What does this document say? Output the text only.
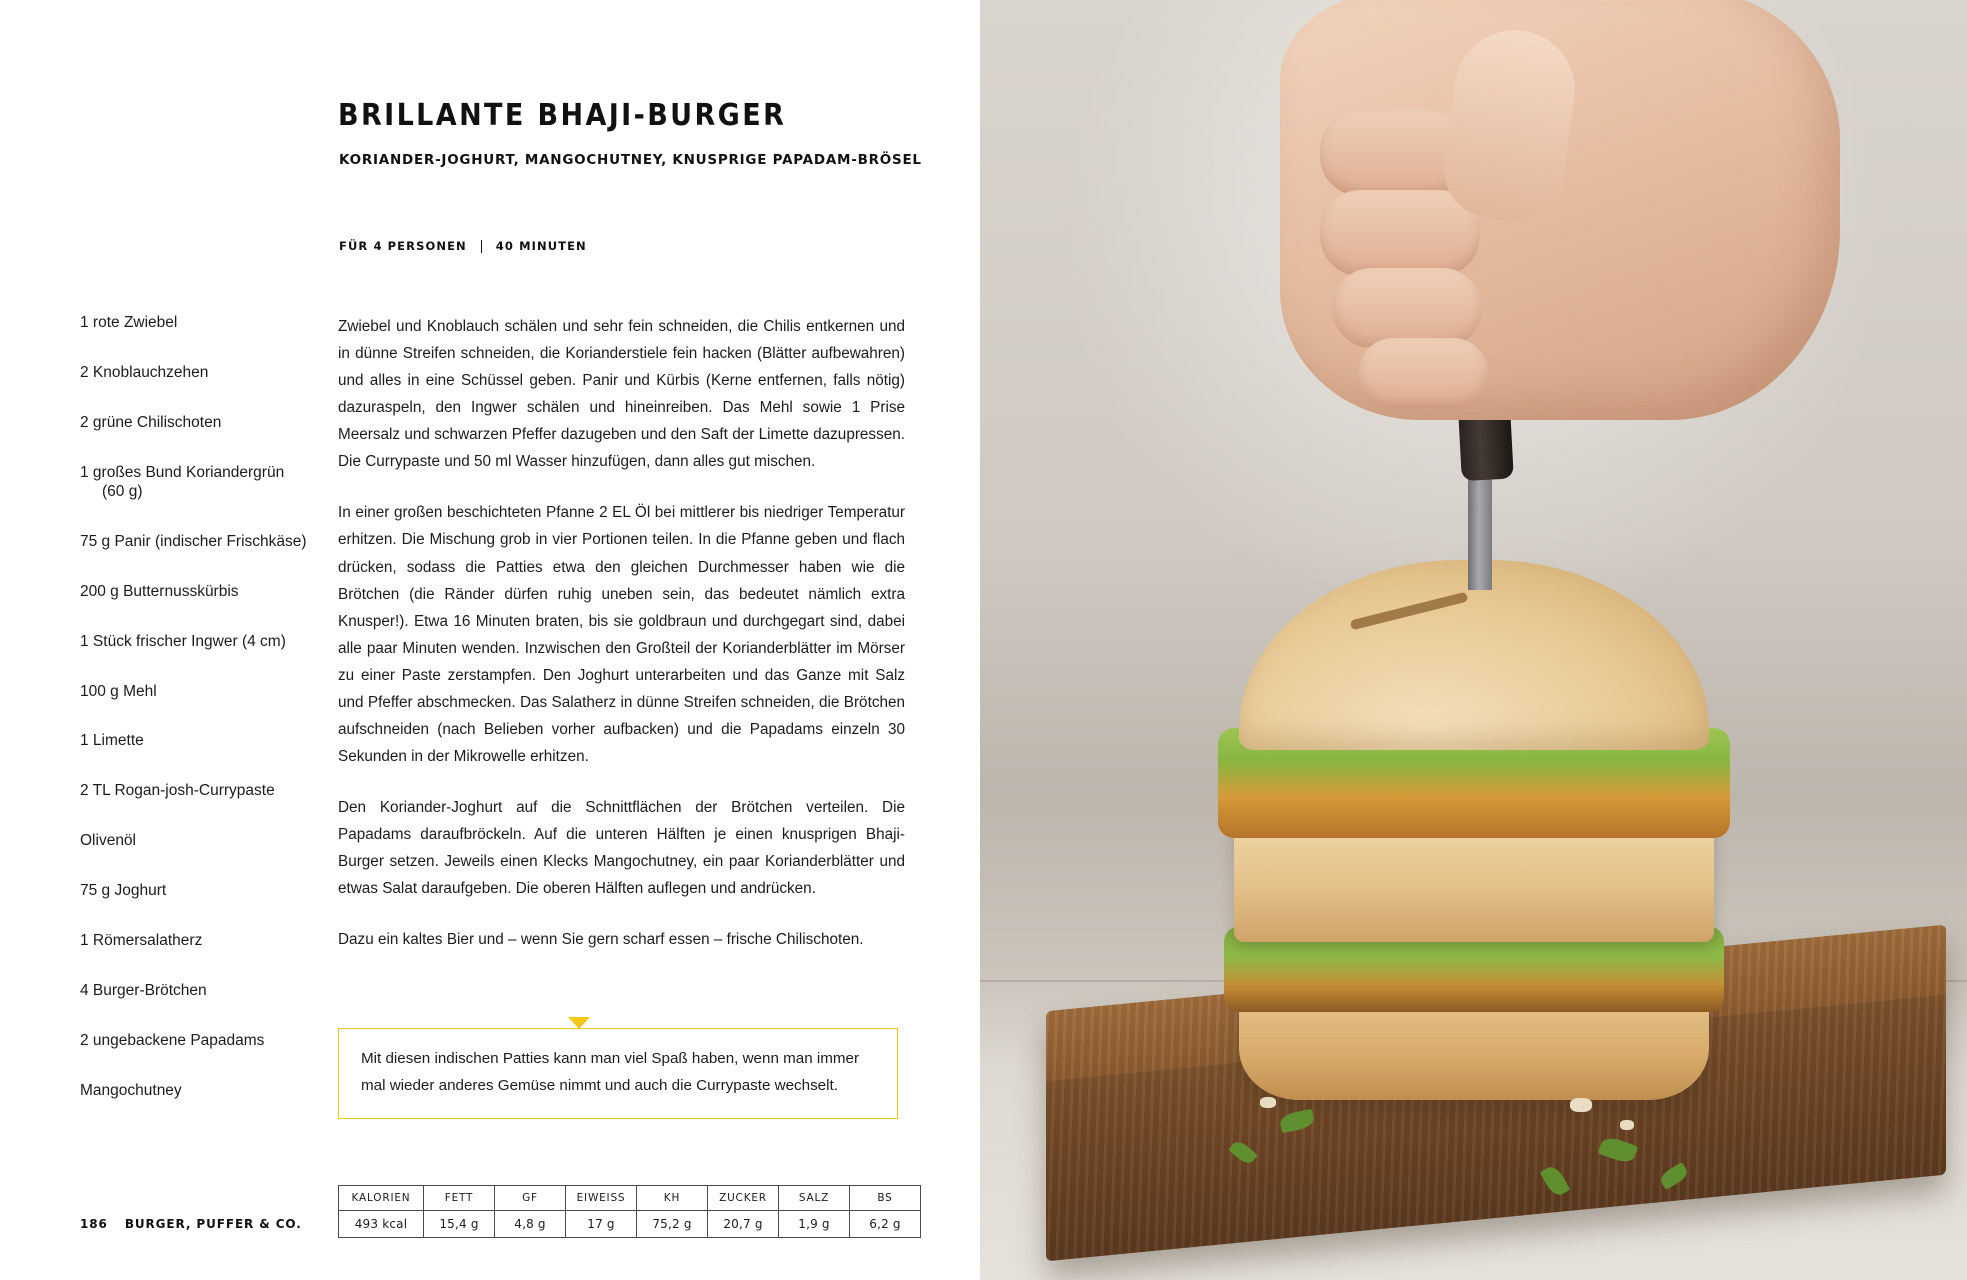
BRILLANTE BHAJI-BURGER
KORIANDER-JOGHURT, MANGOCHUTNEY, KNUSPRIGE PAPADAM-BRÖSEL
FÜR 4 PERSONEN	40 MINUTEN
1 rote Zwiebel
2 Knoblauchzehen
2 grüne Chilischoten
1 großes Bund Koriandergrün
(60 g)
75 g Panir (indischer Frischkäse)
200 g Butternusskürbis
1 Stück frischer Ingwer (4 cm)
100 g Mehl
1 Limette
2 TL Rogan-josh-Currypaste
Olivenöl
75 g Joghurt
1 Römersalatherz
4 Burger-Brötchen
2 ungebackene Papadams
Mangochutney

Zwiebel und Knoblauch schälen und sehr fein schneiden, die Chilis entkernen und in dünne Streifen schneiden, die Korianderstiele fein hacken (Blätter aufbewahren) und alles in eine Schüssel geben. Panir und Kürbis (Kerne entfernen, falls nötig) dazuraspeln, den Ingwer schälen und hineinreiben. Das Mehl sowie 1 Prise Meersalz und schwarzen Pfeffer dazugeben und den Saft der Limette dazupressen. Die Currypaste und 50 ml Wasser hinzufügen, dann alles gut mischen.

In einer großen beschichteten Pfanne 2 EL Öl bei mittlerer bis niedriger Temperatur erhitzen. Die Mischung grob in vier Portionen teilen. In die Pfanne geben und flach drücken, sodass die Patties etwa den gleichen Durchmesser haben wie die Brötchen (die Ränder dürfen ruhig uneben sein, das bedeutet nämlich extra Knusper!). Etwa 16 Minuten braten, bis sie goldbraun und durchgegart sind, dabei alle paar Minuten wenden. Inzwischen den Großteil der Korianderblätter im Mörser zu einer Paste zerstampfen. Den Joghurt unterarbeiten und das Ganze mit Salz und Pfeffer abschmecken. Das Salatherz in dünne Streifen schneiden, die Brötchen aufschneiden (nach Belieben vorher aufbacken) und die Papadams einzeln 30 Sekunden in der Mikrowelle erhitzen.

Den Koriander-Joghurt auf die Schnittflächen der Brötchen verteilen. Die Papadams daraufbröckeln. Auf die unteren Hälften je einen knusprigen Bhaji-Burger setzen. Jeweils einen Klecks Mangochutney, ein paar Korianderblätter und etwas Salat daraufgeben. Die oberen Hälften auflegen und andrücken.

Dazu ein kaltes Bier und – wenn Sie gern scharf essen – frische Chilischoten.

Mit diesen indischen Patties kann man viel Spaß haben, wenn man immer mal wieder anderes Gemüse nimmt und auch die Currypaste wechselt.

KALORIEN	FETT	GF	EIWEISS	KH	ZUCKER	SALZ	BS
493 kcal	15,4 g	4,8 g	17 g	75,2 g	20,7 g	1,9 g	6,2 g
186 BURGER, PUFFER & CO.
